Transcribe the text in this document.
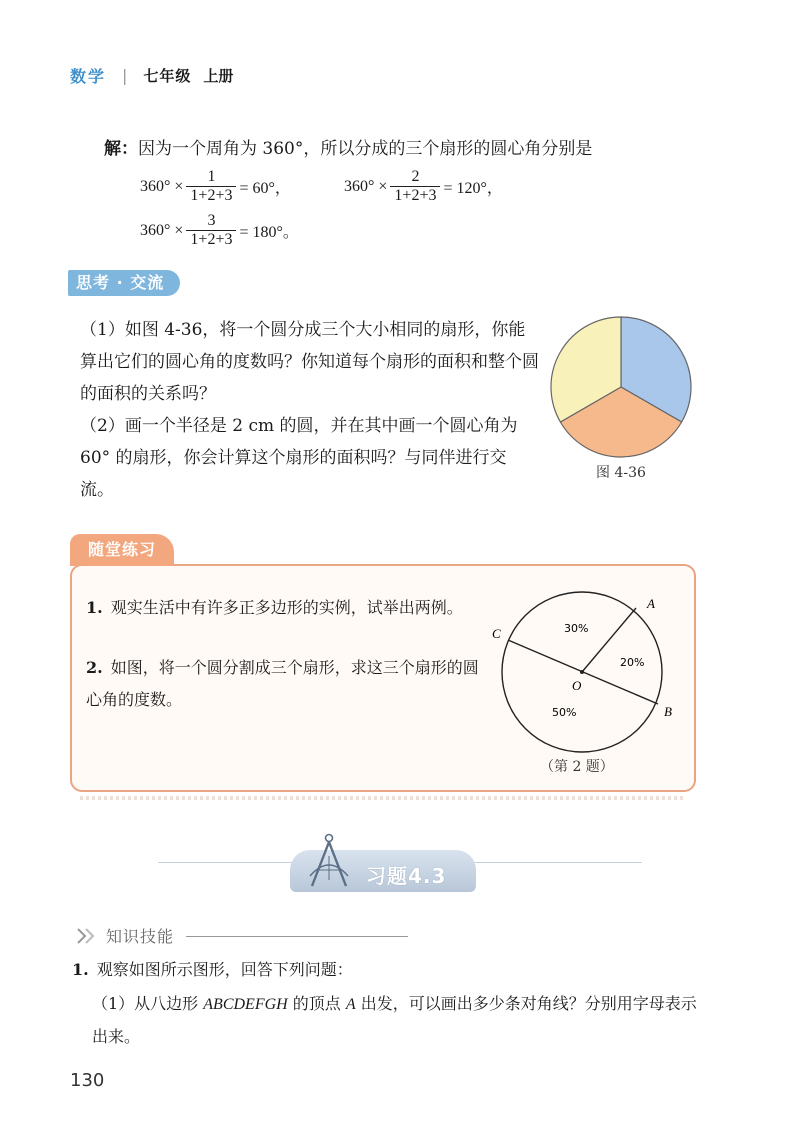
数学 | 七年级 上册
解：因为一个周角为 360°，所以分成的三个扇形的圆心角分别是
$360^\circ \times \frac{1}{1+2+3} = 60^\circ$，	$360^\circ \times \frac{2}{1+2+3} = 120^\circ$，
$360^\circ \times \frac{3}{1+2+3} = 180^\circ$。
思考 · 交流
（1）如图 4-36，将一个圆分成三个大小相同的扇形，你能算出它们的圆心角的度数吗？你知道每个扇形的面积和整个圆的面积的关系吗？
（2）画一个半径是 2 cm 的圆，并在其中画一个圆心角为 60° 的扇形，你会计算这个扇形的面积吗？与同伴进行交流。
图 4-36
随堂练习
1. 观实生活中有许多正多边形的实例，试举出两例。
2. 如图，将一个圆分割成三个扇形，求这三个扇形的圆心角的度数。
A
B
C
O
30%
20%
50%
（第 2 题）
习题4.3
知识技能
1. 观察如图所示图形，回答下列问题：
（1）从八边形 ABCDEFGH 的顶点 A 出发，可以画出多少条对角线？分别用字母表示出来。
130
